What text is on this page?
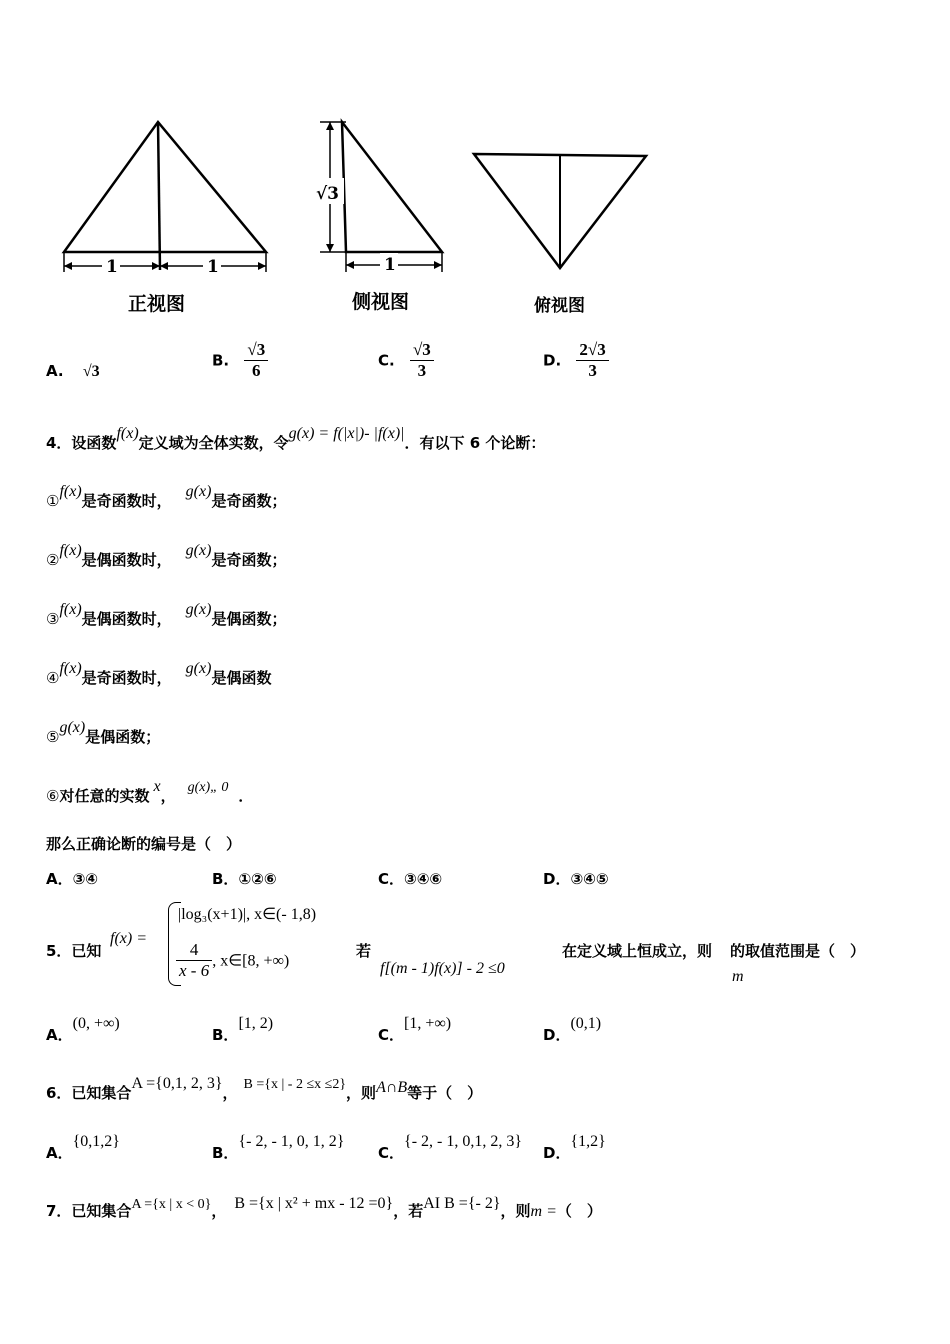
1	1
正视图
√3
1
侧视图	俯视图
A. √3
B. $\frac{√3}{6}$	C. $\frac{√3}{3}$	D. $\frac{2√3}{3}$
4．设函数f(x)定义域为全体实数，令g(x) = f(|x|)- |f(x)|．有以下 6 个论断：
①f(x)是奇函数时，g(x)是奇函数；
②f(x)是偶函数时，g(x)是奇函数；
③f(x)是偶函数时，g(x)是偶函数；
④f(x)是奇函数时，g(x)是偶函数
⑤g(x)是偶函数；
⑥对任意的实数x， g(x)„ 0 ．
那么正确论断的编号是（　）
A．③④	B．①②⑥	C．③④⑥	D．③④⑤
5．已知
f(x) =
|log₃(x+1)|, x∈(- 1,8)
$\frac{4}{x - 6}$ , x∈[8, +∞)
若
f[(m - 1)f(x)] - 2 ≤0
在定义域上恒成立，则 的取值范围是（　）
m
A．(0, +∞)
B．[1, 2)
C．[1, +∞)
D．(0,1)
6．已知集合A ={0,1, 2, 3}， B ={x | - 2 ≤x ≤2}，则A∩B等于（　）
A．{0,1,2}
B．{- 2, - 1, 0, 1, 2}
C．{- 2, - 1, 0,1, 2, 3}
D．{1,2}
7．已知集合A ={x | x < 0}， B ={x | x² + mx - 12 =0}，若AI B ={- 2}，则m =（　）
